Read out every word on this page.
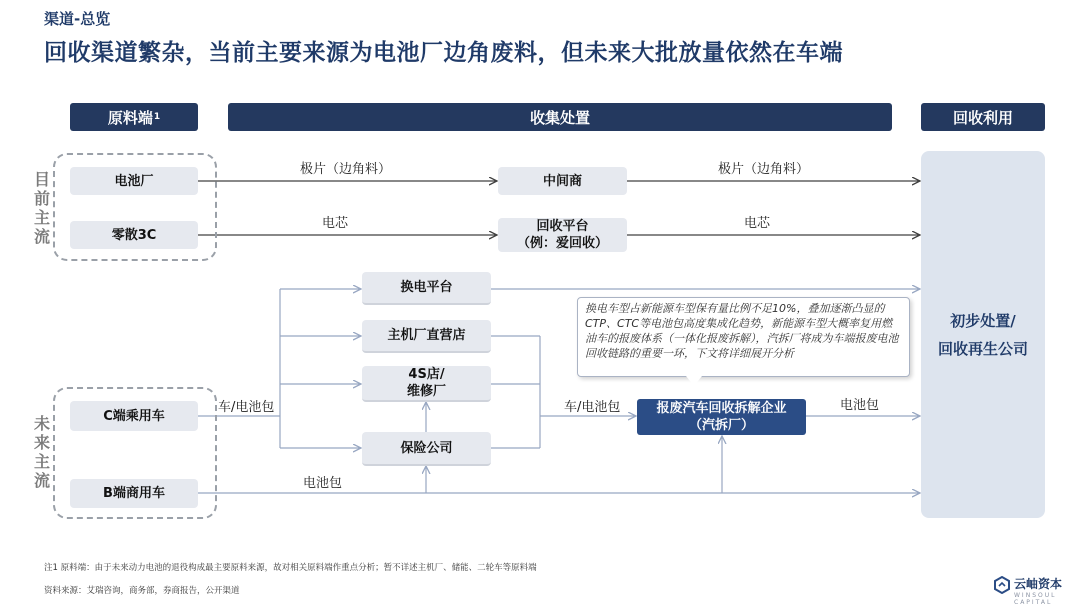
渠道-总览
回收渠道繁杂，当前主要来源为电池厂边角废料，但未来大批放量依然在车端
原料端 1	收集处置	回收利用
目
前
主
流
未
来
主
流
电池厂
零散3C
C端乘用车
B端商用车
中间商
回收平台
（例：爱回收）
换电平台
主机厂直营店
4S店/
维修厂
保险公司
报废汽车回收拆解企业
（汽拆厂）
初步处置/
回收再生公司
极片（边角料）	极片（边角料）
电芯	电芯
车/电池包	车/电池包	电池包
电池包
换电车型占新能源车型保有量比例不足10%，叠加逐渐凸显的CTP、CTC等电池包高度集成化趋势，新能源车型大概率复用燃油车的报废体系（一体化报废拆解），汽拆厂将成为车端报废电池回收链路的重要一环，下文将详细展开分析
注1 原料端：由于未来动力电池的退役构成最主要原料来源，故对相关原料端作重点分析；暂不详述主机厂、储能、二轮车等原料端
资料来源：艾瑞咨询，商务部，券商报告，公开渠道	云岫资本
WINSOUL CAPITAL
